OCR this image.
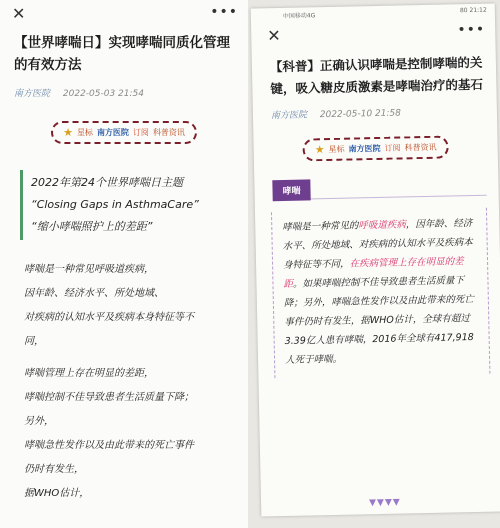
✕	•••
【世界哮喘日】实现哮喘同质化管理的有效方法
南方医院 2022-05-03 21:54
★ 星标 南方医院 订阅 科普资讯
2022年第24个世界哮喘日主题
“Closing Gaps in AsthmaCare”
“缩小哮喘照护上的差距”

哮喘是一种常见呼吸道疾病，

因年龄、经济水平、所处地域、

对疾病的认知水平及疾病本身特征等不

同，

哮喘管理上存在明显的差距，

哮喘控制不佳导致患者生活质量下降；

另外，

哮喘急性发作以及由此带来的死亡事件

仍时有发生，

据WHO估计，

中国移动4G
80 21:12
✕	•••
【科普】正确认识哮喘是控制哮喘的关键，吸入糖皮质激素是哮喘治疗的基石
南方医院 2022-05-10 21:58
★ 星标 南方医院 订阅 科普资讯
哮喘

哮喘是一种常见的呼吸道疾病，因年龄、经济水平、所处地域、对疾病的认知水平及疾病本身特征等不同，在疾病管理上存在明显的差距。如果哮喘控制不佳导致患者生活质量下降；另外，哮喘急性发作以及由此带来的死亡事件仍时有发生，据WHO估计，全球有超过3.39亿人患有哮喘，2016年全球有417,918人死于哮喘。

▼▼▼▼
